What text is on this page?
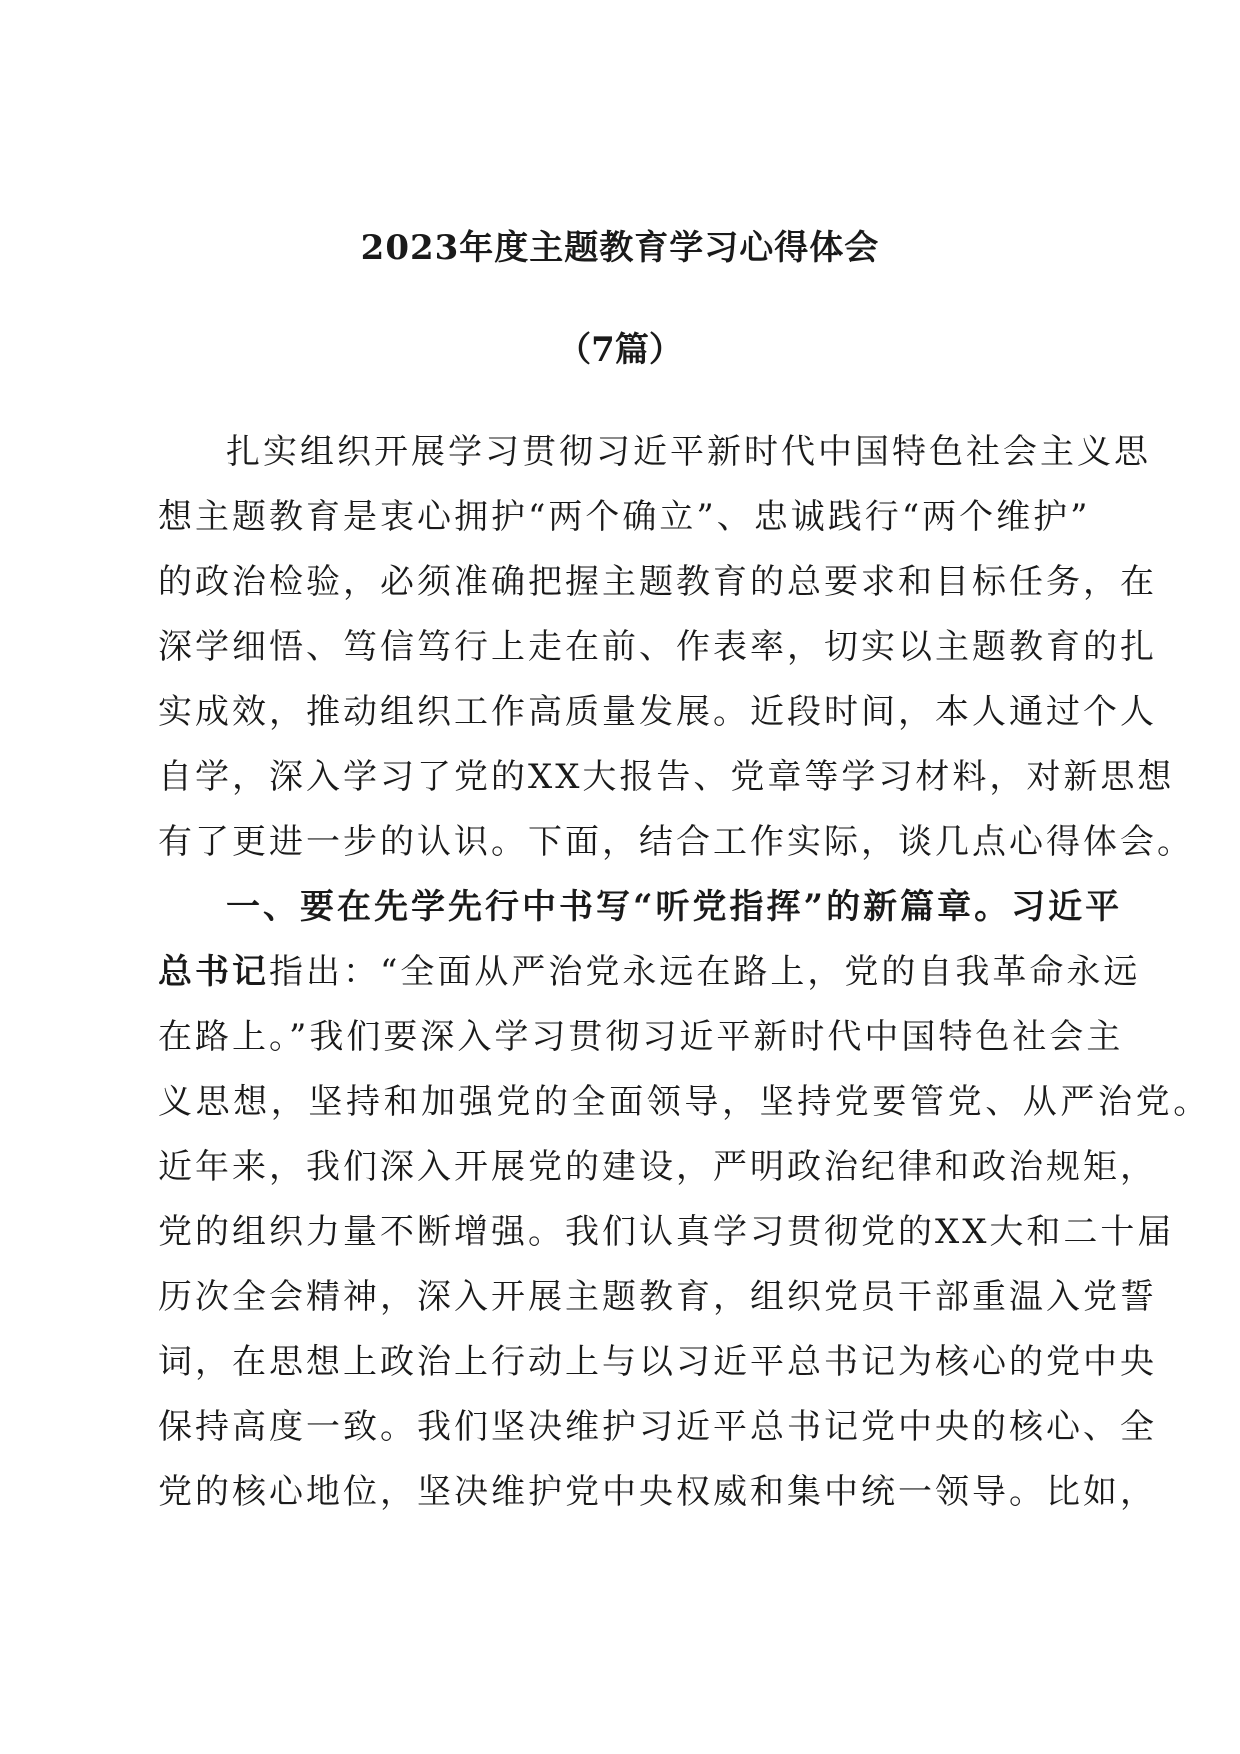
2023年度主题教育学习心得体会
（7篇）
扎实组织开展学习贯彻习近平新时代中国特色社会主义思
想主题教育是衷心拥护“两个确立”、忠诚践行“两个维护”
的政治检验，必须准确把握主题教育的总要求和目标任务，在
深学细悟、笃信笃行上走在前、作表率，切实以主题教育的扎
实成效，推动组织工作高质量发展。近段时间，本人通过个人
自学，深入学习了党的XX大报告、党章等学习材料，对新思想
有了更进一步的认识。下面，结合工作实际，谈几点心得体会。
一、要在先学先行中书写“听党指挥”的新篇章。习近平
总书记指出：“全面从严治党永远在路上，党的自我革命永远
在路上。”我们要深入学习贯彻习近平新时代中国特色社会主
义思想，坚持和加强党的全面领导，坚持党要管党、从严治党。
近年来，我们深入开展党的建设，严明政治纪律和政治规矩，
党的组织力量不断增强。我们认真学习贯彻党的XX大和二十届
历次全会精神，深入开展主题教育，组织党员干部重温入党誓
词，在思想上政治上行动上与以习近平总书记为核心的党中央
保持高度一致。我们坚决维护习近平总书记党中央的核心、全
党的核心地位，坚决维护党中央权威和集中统一领导。比如，
